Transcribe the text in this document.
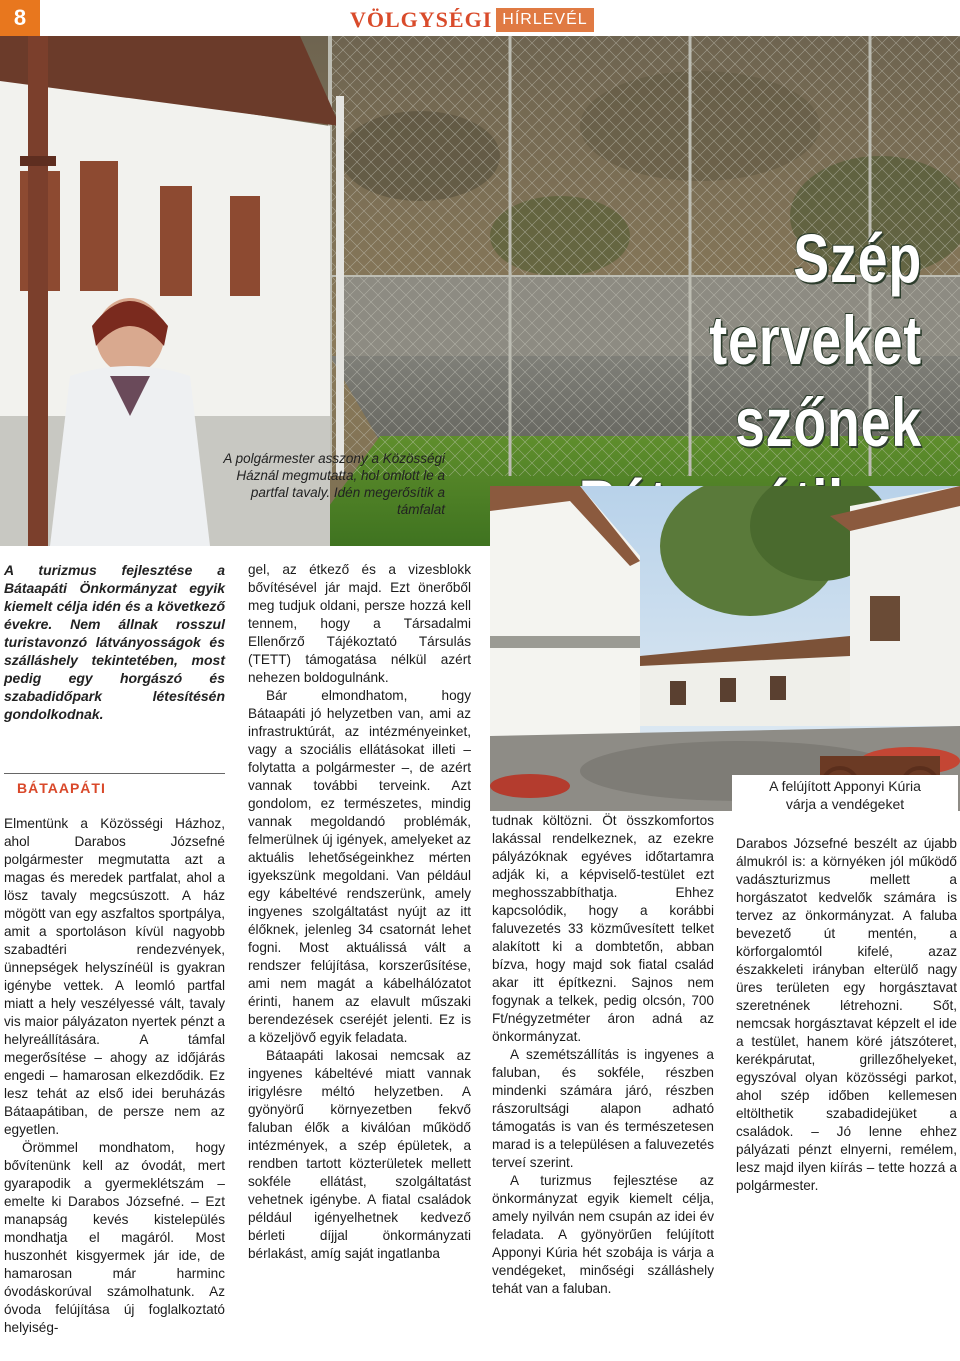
8	VÖLGYSÉGI HÍRLEVÉL
Szép terveket
szőnek

A polgármester asszony a Közösségi Háznál megmutatta, hol omlott le a partfal tavaly. Idén megerősítik a támfalat
A felújított Apponyi Kúria
várja a vendégeket
A turizmus fejlesztése a Bátaapáti Önkormányzat egyik kiemelt célja idén és a következő évekre. Nem állnak rosszul turistavonzó látványosságok és szálláshely tekintetében, most pedig egy horgászó és szabadidőpark létesítésén gondolkodnak.
BÁTAAPÁTI

Elmentünk a Közösségi Házhoz, ahol Darabos Józsefné polgármester megmutatta azt a magas és meredek partfalat, ahol a lösz tavaly megcsúszott. A ház mögött van egy aszfaltos sportpálya, amit a sportoláson kívül nagyobb szabadtéri rendezvények, ünnepségek helyszínéül is gyakran igénybe vettek. A leomló partfal miatt a hely veszélyessé vált, tavaly vis maior pályázaton nyertek pénzt a helyreállítására. A támfal megerősítése – ahogy az időjárás engedi – hamarosan elkezdődik. Ez lesz tehát az első idei beruházás Bátaapátiban, de persze nem az egyetlen.

Örömmel mondhatom, hogy bővítenünk kell az óvodát, mert gyarapodik a gyermeklétszám – emelte ki Darabos Józsefné. – Ezt manapság kevés kistelepülés mondhatja el magáról. Most huszonhét kisgyermek jár ide, de hamarosan már harminc óvodáskorúval számolhatunk. Az óvoda felújítása új foglalkoztató helyiség-

gel, az étkező és a vizesblokk bővítésével jár majd. Ezt önerőből meg tudjuk oldani, persze hozzá kell tennem, hogy a Társadalmi Ellenőrző Tájékoztató Társulás (TETT) támogatása nélkül azért nehezen boldogulnánk.

Bár elmondhatom, hogy Bátaapáti jó helyzetben van, ami az infrastruktúrát, az intézményeinket, vagy a szociális ellátásokat illeti – folytatta a polgármester –, de azért vannak további terveink. Azt gondolom, ez természetes, mindig vannak megoldandó problémák, felmerülnek új igények, amelyeket az aktuális lehetőségeinkhez mérten igyekszünk megoldani. Van például egy kábeltévé rendszerünk, amely ingyenes szolgáltatást nyújt az itt élőknek, jelenleg 34 csatornát lehet fogni. Most aktuálissá vált a rendszer felújítása, korszerűsítése, ami nem magát a kábelhálózatot érinti, hanem az elavult műszaki berendezések cseréjét jelenti. Ez is a közeljövő egyik feladata.

Bátaapáti lakosai nemcsak az ingyenes kábeltévé miatt vannak irigylésre méltó helyzetben. A gyönyörű környezetben fekvő faluban élők a kiválóan működő intézmények, a szép épületek, a rendben tartott közterületek mellett sokféle ellátást, szolgáltatást vehetnek igénybe. A fiatal családok például igényelhetnek kedvező bérleti díjjal önkormányzati bérlakást, amíg saját ingatlanba

tudnak költözni. Öt összkomfortos lakással rendelkeznek, az ezekre pályázóknak egyéves időtartamra adják ki, a képviselő-testület ezt meghosszabbíthatja. Ehhez kapcsolódik, hogy a korábbi faluvezetés 33 közművesített telket alakított ki a dombtetőn, abban bízva, hogy majd sok fiatal család akar itt építkezni. Sajnos nem fogynak a telkek, pedig olcsón, 700 Ft/négyzetméter áron adná az önkormányzat.

A szemétszállítás is ingyenes a faluban, és sokféle, részben mindenki számára járó, részben rászorultsági alapon adható támogatás is van és természetesen marad is a településen a faluvezetés terveí szerint.

A turizmus fejlesztése az önkormányzat egyik kiemelt célja, amely nyilván nem csupán az idei év feladata. A gyönyörűen felújított Apponyi Kúria hét szobája is várja a vendégeket, minőségi szálláshely tehát van a faluban.

Darabos Józsefné beszélt az újabb álmukról is: a környéken jól működő vadászturizmus mellett a horgászatot kedvelők számára is tervez az önkormányzat. A faluba bevezető út mentén, a körforgalomtól kifelé, azaz északkeleti irányban elterülő nagy üres területen egy horgásztavat szeretnének létrehozni. Sőt, nemcsak horgásztavat képzelt el ide a testület, hanem köré játszóteret, kerékpárutat, grillezőhelyeket, egyszóval olyan közösségi parkot, ahol szép időben kellemesen eltölthetik szabadidejüket a családok. – Jó lenne ehhez pályázati pénzt elnyerni, remélem, lesz majd ilyen kiírás – tette hozzá a polgármester.
